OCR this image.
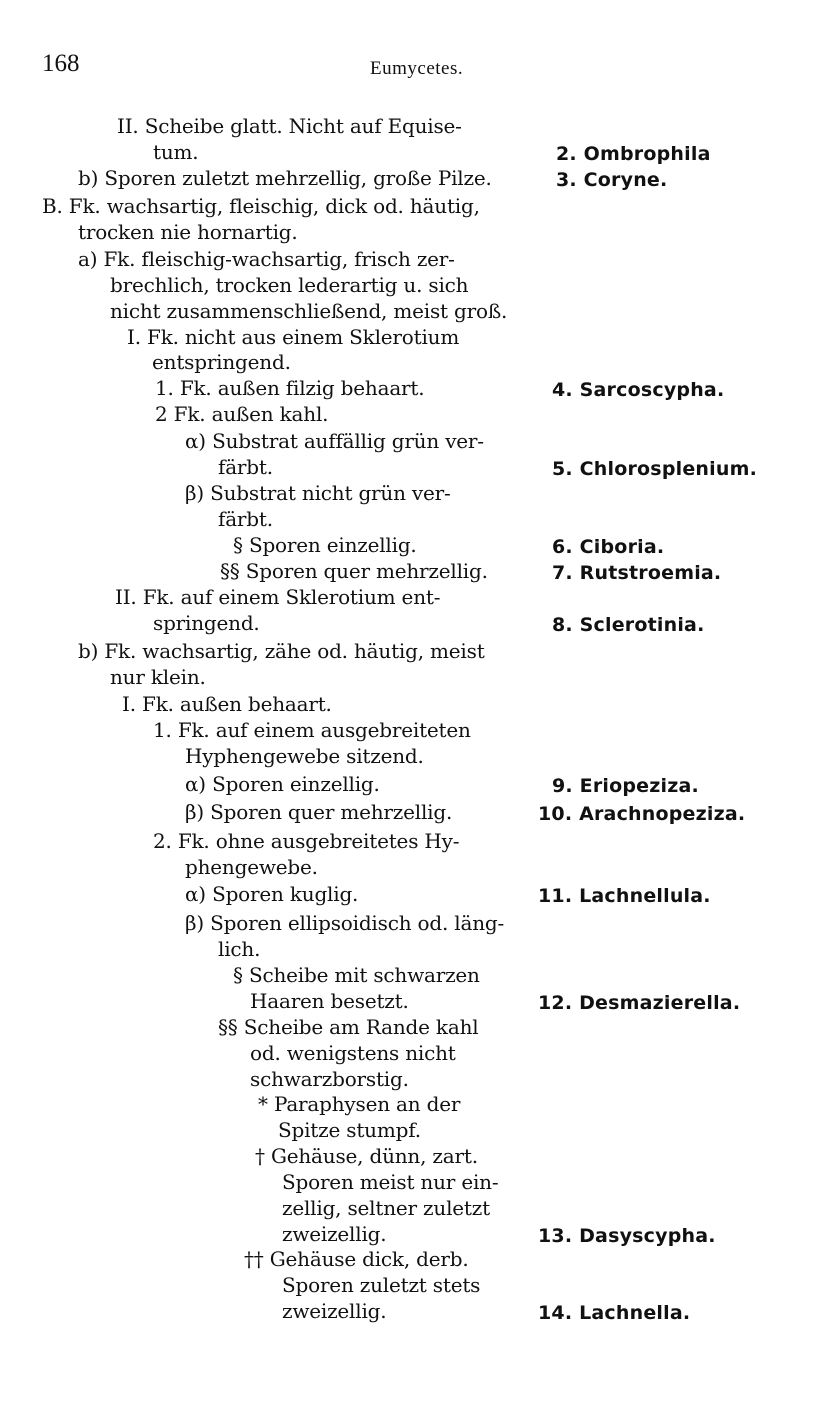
168	Eumycetes.
II. Scheibe glatt. Nicht auf Equise-
tum.
b) Sporen zuletzt mehrzellig, große Pilze.
B. Fk. wachsartig, fleischig, dick od. häutig,
trocken nie hornartig.
a) Fk. fleischig-wachsartig, frisch zer-
brechlich, trocken lederartig u. sich
nicht zusammenschließend, meist groß.
I. Fk. nicht aus einem Sklerotium
entspringend.
1. Fk. außen filzig behaart.
2 Fk. außen kahl.
α) Substrat auffällig grün ver-
färbt.
β) Substrat nicht grün ver-
färbt.
§ Sporen einzellig.
§§ Sporen quer mehrzellig.
II. Fk. auf einem Sklerotium ent-
springend.
b) Fk. wachsartig, zähe od. häutig, meist
nur klein.
I. Fk. außen behaart.
1. Fk. auf einem ausgebreiteten
Hyphengewebe sitzend.
α) Sporen einzellig.
β) Sporen quer mehrzellig.
2. Fk. ohne ausgebreitetes Hy-
phengewebe.
α) Sporen kuglig.
β) Sporen ellipsoidisch od. läng-
lich.
§ Scheibe mit schwarzen
Haaren besetzt.
§§ Scheibe am Rande kahl
od. wenigstens nicht
schwarzborstig.
* Paraphysen an der
Spitze stumpf.
† Gehäuse, dünn, zart.
Sporen meist nur ein-
zellig, seltner zuletzt
zweizellig.
†† Gehäuse dick, derb.
Sporen zuletzt stets
zweizellig.
2. Ombrophila
3. Coryne.
4. Sarcoscypha.
5. Chlorosplenium.
6. Ciboria.
7. Rutstroemia.
8. Sclerotinia.
9. Eriopeziza.
10. Arachnopeziza.
11. Lachnellula.
12. Desmazierella.
13. Dasyscypha.
14. Lachnella.
